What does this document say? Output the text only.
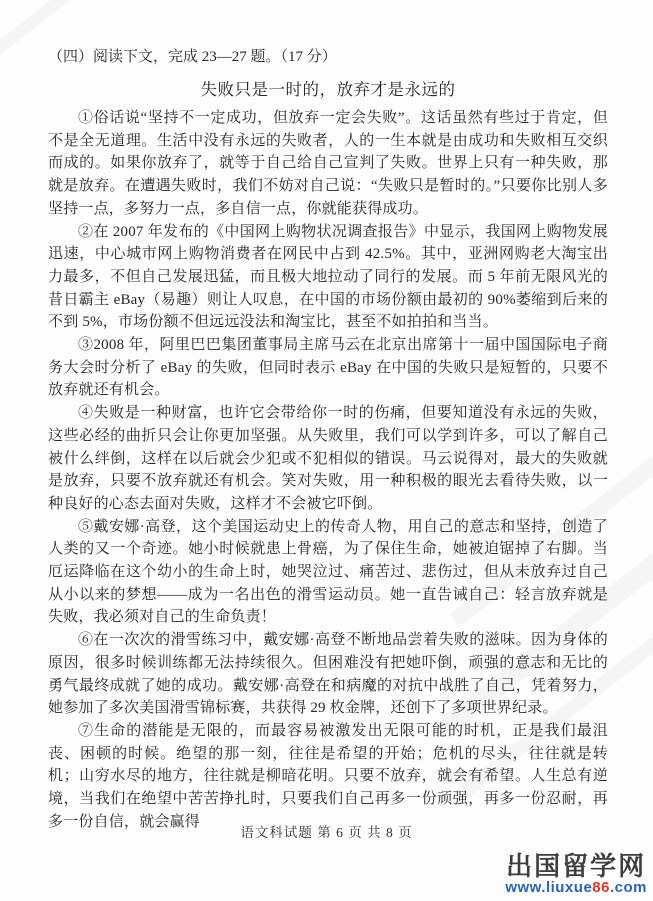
（四）阅读下文，完成 23—27 题。（17 分）
失败只是一时的，放弃才是永远的

①俗话说“坚持不一定成功，但放弃一定会失败”。这话虽然有些过于肯定，但不是全无道理。生活中没有永远的失败者，人的一生本就是由成功和失败相互交织而成的。如果你放弃了，就等于自己给自己宣判了失败。世界上只有一种失败，那就是放弃。在遭遇失败时，我们不妨对自己说：“失败只是暂时的。”只要你比别人多坚持一点，多努力一点，多自信一点，你就能获得成功。

②在 2007 年发布的《中国网上购物状况调查报告》中显示，我国网上购物发展迅速，中心城市网上购物消费者在网民中占到 42.5%。其中，亚洲网购老大淘宝出力最多，不但自己发展迅猛，而且极大地拉动了同行的发展。而 5 年前无限风光的昔日霸主 eBay（易趣）则让人叹息，在中国的市场份额由最初的 90%萎缩到后来的不到 5%，市场份额不但远远没法和淘宝比，甚至不如拍拍和当当。

③2008 年，阿里巴巴集团董事局主席马云在北京出席第十一届中国国际电子商务大会时分析了 eBay 的失败，但同时表示 eBay 在中国的失败只是短暂的，只要不放弃就还有机会。

④失败是一种财富，也许它会带给你一时的伤痛，但要知道没有永远的失败，这些必经的曲折只会让你更加坚强。从失败里，我们可以学到许多，可以了解自己被什么绊倒，这样在以后就会少犯或不犯相似的错误。马云说得对，最大的失败就是放弃，只要不放弃就还有机会。笑对失败，用一种积极的眼光去看待失败，以一种良好的心态去面对失败，这样才不会被它吓倒。

⑤戴安娜·高登，这个美国运动史上的传奇人物，用自己的意志和坚持，创造了人类的又一个奇迹。她小时候就患上骨癌，为了保住生命，她被迫锯掉了右脚。当厄运降临在这个幼小的生命上时，她哭泣过、痛苦过、悲伤过，但从未放弃过自己从小以来的梦想——成为一名出色的滑雪运动员。她一直告诫自己：轻言放弃就是失败，我必须对自己的生命负责！

⑥在一次次的滑雪练习中，戴安娜·高登不断地品尝着失败的滋味。因为身体的原因，很多时候训练都无法持续很久。但困难没有把她吓倒，顽强的意志和无比的勇气最终成就了她的成功。戴安娜·高登在和病魔的对抗中战胜了自己，凭着努力，她参加了多次美国滑雪锦标赛，共获得 29 枚金牌，还创下了多项世界纪录。

⑦生命的潜能是无限的，而最容易被激发出无限可能的时机，正是我们最沮丧、困顿的时候。绝望的那一刻，往往是希望的开始；危机的尽头，往往就是转机；山穷水尽的地方，往往就是柳暗花明。只要不放弃，就会有希望。人生总有逆境，当我们在绝望中苦苦挣扎时，只要我们自己再多一份顽强，再多一份忍耐，再多一份自信，就会赢得

语文科试题 第 6 页 共 8 页
出国留学网
www.liuxue86.com
